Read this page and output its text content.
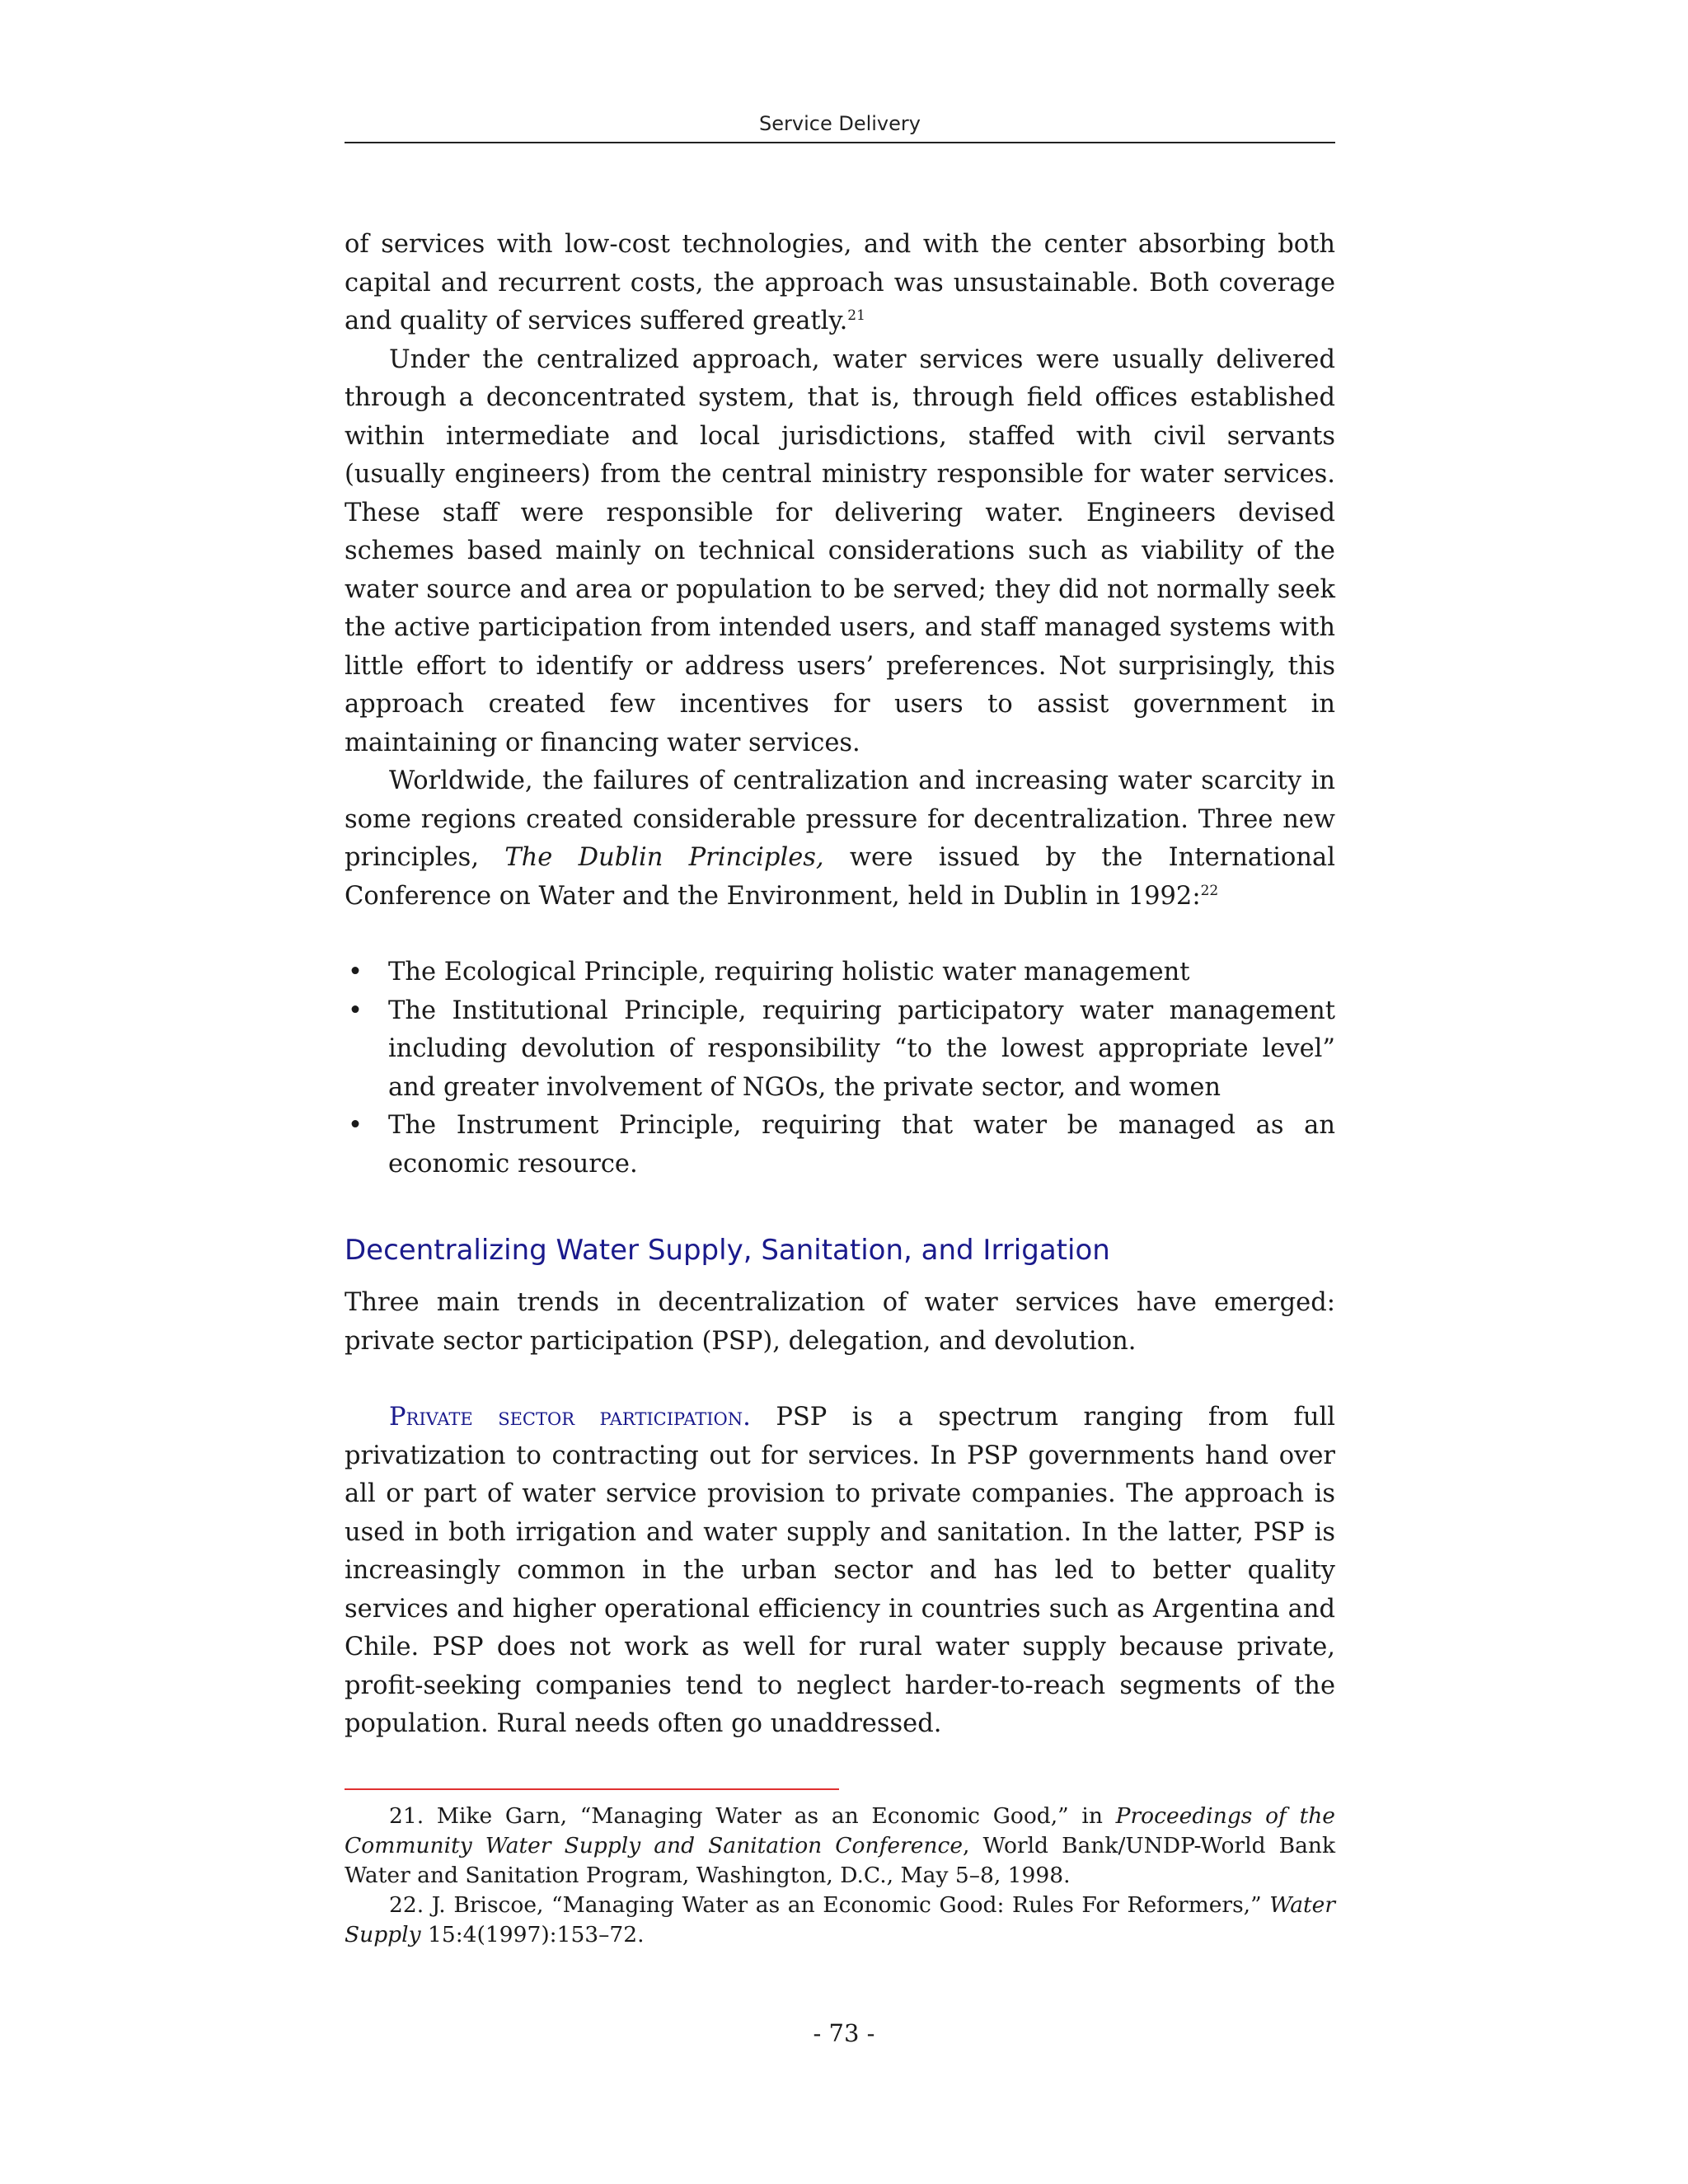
Service Delivery

of services with low-cost technologies, and with the center absorbing both capital and recurrent costs, the approach was unsustainable. Both coverage and quality of services suffered greatly.$^{21}$

Under the centralized approach, water services were usually delivered through a deconcentrated system, that is, through field offices established within intermediate and local jurisdictions, staffed with civil servants (usually engineers) from the central ministry responsible for water services. These staff were responsible for delivering water. Engineers devised schemes based mainly on technical considerations such as viability of the water source and area or population to be served; they did not normally seek the active participation from intended users, and staff managed systems with little effort to identify or address users’ preferences. Not surprisingly, this approach created few incentives for users to assist government in maintaining or financing water services.

Worldwide, the failures of centralization and increasing water scarcity in some regions created considerable pressure for decentralization. Three new principles, The Dublin Principles, were issued by the International Conference on Water and the Environment, held in Dublin in 1992:$^{22}$

• The Ecological Principle, requiring holistic water management
• The Institutional Principle, requiring participatory water management including devolution of responsibility “to the lowest appropriate level” and greater involvement of NGOs, the private sector, and women
• The Instrument Principle, requiring that water be managed as an economic resource.
Decentralizing Water Supply, Sanitation, and Irrigation

Three main trends in decentralization of water services have emerged: private sector participation (PSP), delegation, and devolution.

Private sector participation. PSP is a spectrum ranging from full privatization to contracting out for services. In PSP governments hand over all or part of water service provision to private companies. The approach is used in both irrigation and water supply and sanitation. In the latter, PSP is increasingly common in the urban sector and has led to better quality services and higher operational efficiency in countries such as Argentina and Chile. PSP does not work as well for rural water supply because private, profit-seeking companies tend to neglect harder-to-reach segments of the population. Rural needs often go unaddressed.

21. Mike Garn, “Managing Water as an Economic Good,” in Proceedings of the Community Water Supply and Sanitation Conference, World Bank/UNDP-World Bank Water and Sanitation Program, Washington, D.C., May 5–8, 1998.

22. J. Briscoe, “Managing Water as an Economic Good: Rules For Reformers,” Water Supply 15:4(1997):153–72.

- 73 -
